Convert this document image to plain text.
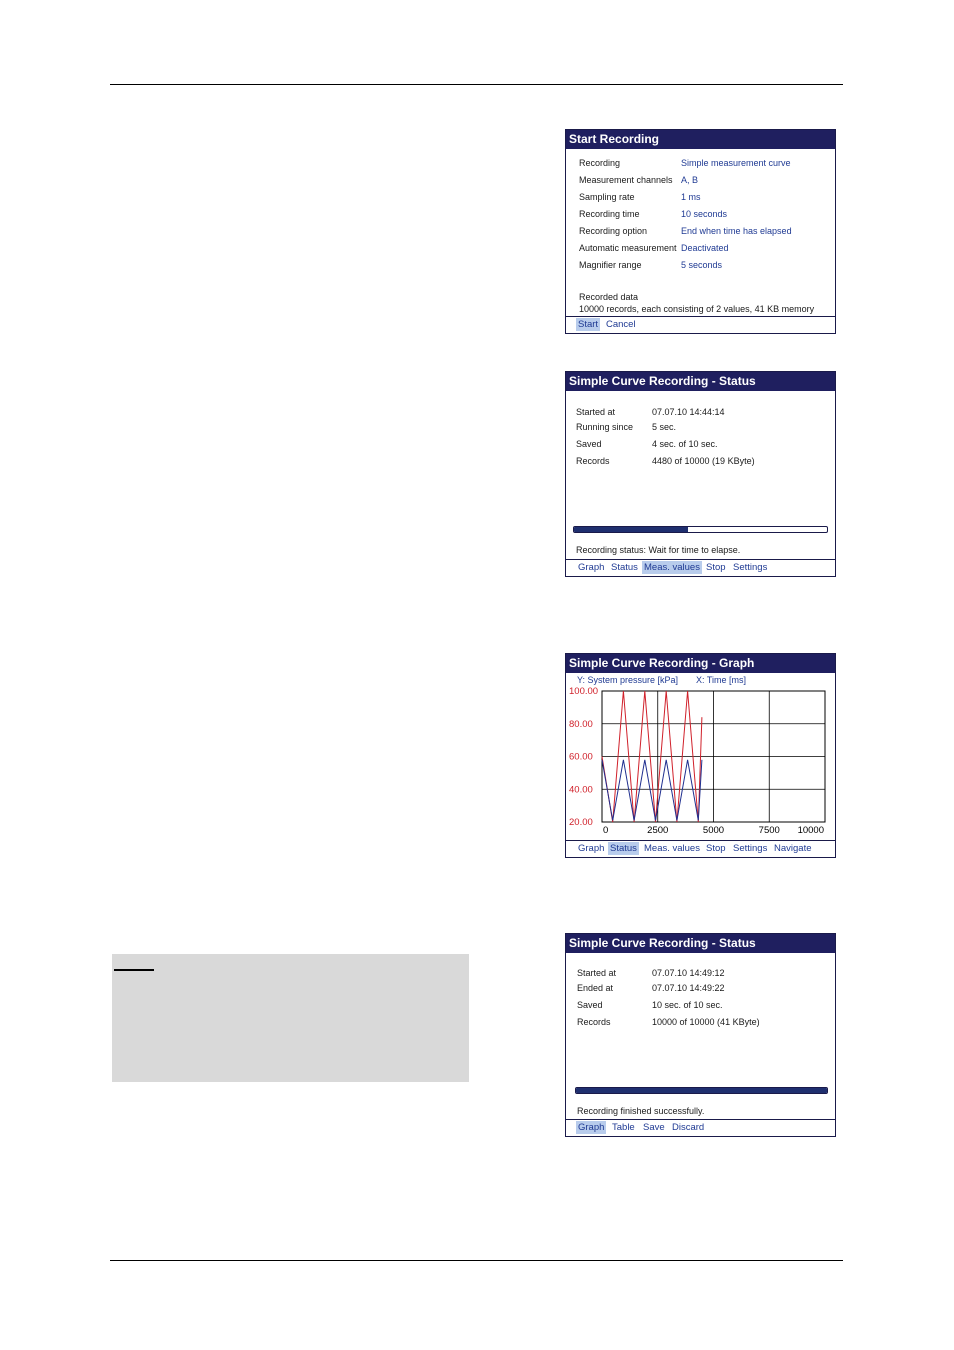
Start Recording
Recording	Simple measurement curve
Measurement channels A, B
Sampling rate	1 ms
Recording time	10 seconds
Recording option	End when time has elapsed
Automatic measurement Deactivated
Magnifier range	5 seconds
Recorded data
10000 records, each consisting of 2 values, 41 KB memory
Start Cancel
Simple Curve Recording - Status
Started at	07.07.10 14:44:14
Running since 5 sec.
Saved	4 sec. of 10 sec.
Records	4480 of 10000 (19 KByte)
Recording status: Wait for time to elapse.
Graph Status Meas. values Stop Settings
Simple Curve Recording - Graph
Y: System pressure [kPa] X: Time [ms]
100.00
80.00
60.00
40.00
20.00
0	2500	5000	7500 10000
Graph Status Meas. values Stop Settings Navigate
Simple Curve Recording - Status
Started at	07.07.10 14:49:12
Ended at	07.07.10 14:49:22
Saved	10 sec. of 10 sec.
Records	10000 of 10000 (41 KByte)
Recording finished successfully.
Graph Table Save Discard
